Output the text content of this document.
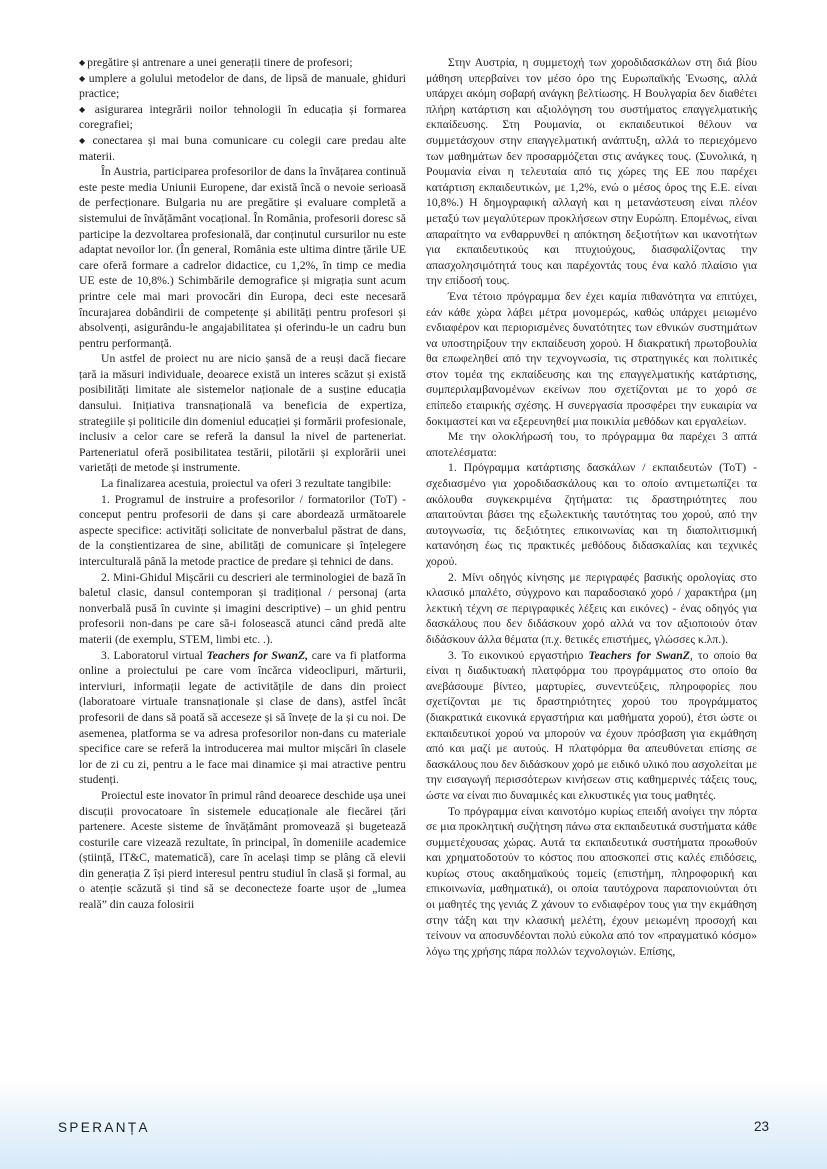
◆ pregătire și antrenare a unei generații tinere de profesori;

◆ umplere a golului metodelor de dans, de lipsă de manuale, ghiduri practice;

◆ asigurarea integrării noilor tehnologii în educația și formarea coregrafiei;

◆ conectarea și mai buna comunicare cu colegii care predau alte materii.

În Austria, participarea profesorilor de dans la învățarea continuă este peste media Uniunii Europene, dar există încă o nevoie serioasă de perfecționare. Bulgaria nu are pregătire și evaluare completă a sistemului de învățământ vocațional. În România, profesorii doresc să participe la dezvoltarea profesională, dar conținutul cursurilor nu este adaptat nevoilor lor. (În general, România este ultima dintre țările UE care oferă formare a cadrelor didactice, cu 1,2%, în timp ce media UE este de 10,8%.) Schimbările demografice și migrația sunt acum printre cele mai mari provocări din Europa, deci este necesară încurajarea dobândirii de competențe și abilități pentru profesori și absolvenți, asigurându-le angajabilitatea și oferindu-le un cadru bun pentru performanță.

Un astfel de proiect nu are nicio șansă de a reuși dacă fiecare țară ia măsuri individuale, deoarece există un interes scăzut și există posibilități limitate ale sistemelor naționale de a susține educația dansului. Inițiativa transnațională va beneficia de expertiza, strategiile și politicile din domeniul educației și formării profesionale, inclusiv a celor care se referă la dansul la nivel de parteneriat. Parteneriatul oferă posibilitatea testării, pilotării și explorării unei varietăți de metode și instrumente.

La finalizarea acestuia, proiectul va oferi 3 rezultate tangibile:

1. Programul de instruire a profesorilor / formatorilor (ToT) - conceput pentru profesorii de dans și care abordează următoarele aspecte specifice: activități solicitate de nonverbalul păstrat de dans, de la conștientizarea de sine, abilități de comunicare și înțelegere interculturală până la metode practice de predare și tehnici de dans.

2. Mini-Ghidul Mișcării cu descrieri ale terminologiei de bază în baletul clasic, dansul contemporan și tradițional / personaj (arta nonverbală pusă în cuvinte și imagini descriptive) – un ghid pentru profesorii non-dans pe care să-i folosească atunci când predă alte materii (de exemplu, STEM, limbi etc. .).

3. Laboratorul virtual Teachers for SwanZ, care va fi platforma online a proiectului pe care vom încărca videoclipuri, mărturii, interviuri, informații legate de activitățile de dans din proiect (laboratoare virtuale transnaționale și clase de dans), astfel încât profesorii de dans să poată să acceseze și să învețe de la și cu noi. De asemenea, platforma se va adresa profesorilor non-dans cu materiale specifice care se referă la introducerea mai multor mișcări în clasele lor de zi cu zi, pentru a le face mai dinamice și mai atractive pentru studenți.

Proiectul este inovator în primul rând deoarece deschide ușa unei discuții provocatoare în sistemele educaționale ale fiecărei țări partenere. Aceste sisteme de învățământ promovează și bugetează costurile care vizează rezultate, în principal, în domeniile academice (știință, IT&C, matematică), care în același timp se plâng că elevii din generația Z își pierd interesul pentru studiul în clasă și formal, au o atenție scăzută și tind să se deconecteze foarte ușor de „lumea reală” din cauza folosirii

Στην Αυστρία, η συμμετοχή των χοροδιδασκάλων στη διά βίου μάθηση υπερβαίνει τον μέσο όρο της Ευρωπαϊκής Ένωσης, αλλά υπάρχει ακόμη σοβαρή ανάγκη βελτίωσης. Η Βουλγαρία δεν διαθέτει πλήρη κατάρτιση και αξιολόγηση του συστήματος επαγγελματικής εκπαίδευσης. Στη Ρουμανία, οι εκπαιδευτικοί θέλουν να συμμετάσχουν στην επαγγελματική ανάπτυξη, αλλά το περιεχόμενο των μαθημάτων δεν προσαρμόζεται στις ανάγκες τους. (Συνολικά, η Ρουμανία είναι η τελευταία από τις χώρες της ΕΕ που παρέχει κατάρτιση εκπαιδευτικών, με 1,2%, ενώ ο μέσος όρος της Ε.Ε. είναι 10,8%.) Η δημογραφική αλλαγή και η μετανάστευση είναι πλέον μεταξύ των μεγαλύτερων προκλήσεων στην Ευρώπη. Επομένως, είναι απαραίτητο να ενθαρρυνθεί η απόκτηση δεξιοτήτων και ικανοτήτων για εκπαιδευτικούς και πτυχιούχους, διασφαλίζοντας την απασχολησιμότητά τους και παρέχοντάς τους ένα καλό πλαίσιο για την επίδοσή τους.

Ένα τέτοιο πρόγραμμα δεν έχει καμία πιθανότητα να επιτύχει, εάν κάθε χώρα λάβει μέτρα μονομερώς, καθώς υπάρχει μειωμένο ενδιαφέρον και περιορισμένες δυνατότητες των εθνικών συστημάτων να υποστηρίξουν την εκπαίδευση χορού. Η διακρατική πρωτοβουλία θα επωφεληθεί από την τεχνογνωσία, τις στρατηγικές και πολιτικές στον τομέα της εκπαίδευσης και της επαγγελματικής κατάρτισης, συμπεριλαμβανομένων εκείνων που σχετίζονται με το χορό σε επίπεδο εταιρικής σχέσης. Η συνεργασία προσφέρει την ευκαιρία να δοκιμαστεί και να εξερευνηθεί μια ποικιλία μεθόδων και εργαλείων.

Με την ολοκλήρωσή του, το πρόγραμμα θα παρέχει 3 απτά αποτελέσματα:

1. Πρόγραμμα κατάρτισης δασκάλων / εκπαιδευτών (ToT) - σχεδιασμένο για χοροδιδασκάλους και το οποίο αντιμετωπίζει τα ακόλουθα συγκεκριμένα ζητήματα: τις δραστηριότητες που απαιτούνται βάσει της εξωλεκτικής ταυτότητας του χορού, από την αυτογνωσία, τις δεξιότητες επικοινωνίας και τη διαπολιτισμική κατανόηση έως τις πρακτικές μεθόδους διδασκαλίας και τεχνικές χορού.

2. Μίνι οδηγός κίνησης με περιγραφές βασικής ορολογίας στο κλασικό μπαλέτο, σύγχρονο και παραδοσιακό χορό / χαρακτήρα (μη λεκτική τέχνη σε περιγραφικές λέξεις και εικόνες) - ένας οδηγός για δασκάλους που δεν διδάσκουν χορό αλλά να τον αξιοποιούν όταν διδάσκουν άλλα θέματα (π.χ. θετικές επιστήμες, γλώσσες κ.λπ.).

3. Το εικονικού εργαστήριο Teachers for SwanZ, το οποίο θα είναι η διαδικτυακή πλατφόρμα του προγράμματος στο οποίο θα ανεβάσουμε βίντεο, μαρτυρίες, συνεντεύξεις, πληροφορίες που σχετίζονται με τις δραστηριότητες χορού του προγράμματος (διακρατικά εικονικά εργαστήρια και μαθήματα χορού), έτσι ώστε οι εκπαιδευτικοί χορού να μπορούν να έχουν πρόσβαση για εκμάθηση από και μαζί με αυτούς. Η πλατφόρμα θα απευθύνεται επίσης σε δασκάλους που δεν διδάσκουν χορό με ειδικό υλικό που ασχολείται με την εισαγωγή περισσότερων κινήσεων στις καθημερινές τάξεις τους, ώστε να είναι πιο δυναμικές και ελκυστικές για τους μαθητές.

Το πρόγραμμα είναι καινοτόμο κυρίως επειδή ανοίγει την πόρτα σε μια προκλητική συζήτηση πάνω στα εκπαιδευτικά συστήματα κάθε συμμετέχουσας χώρας. Αυτά τα εκπαιδευτικά συστήματα προωθούν και χρηματοδοτούν το κόστος που αποσκοπεί στις καλές επιδόσεις, κυρίως στους ακαδημαϊκούς τομείς (επιστήμη, πληροφορική και επικοινωνία, μαθηματικά), οι οποία ταυτόχρονα παραπονιούνται ότι οι μαθητές της γενιάς Z χάνουν το ενδιαφέρον τους για την εκμάθηση στην τάξη και την κλασική μελέτη, έχουν μειωμένη προσοχή και τείνουν να αποσυνδέονται πολύ εύκολα από τον «πραγματικό κόσμο» λόγω της χρήσης πάρα πολλών τεχνολογιών. Επίσης,

SPERANȚA	23
